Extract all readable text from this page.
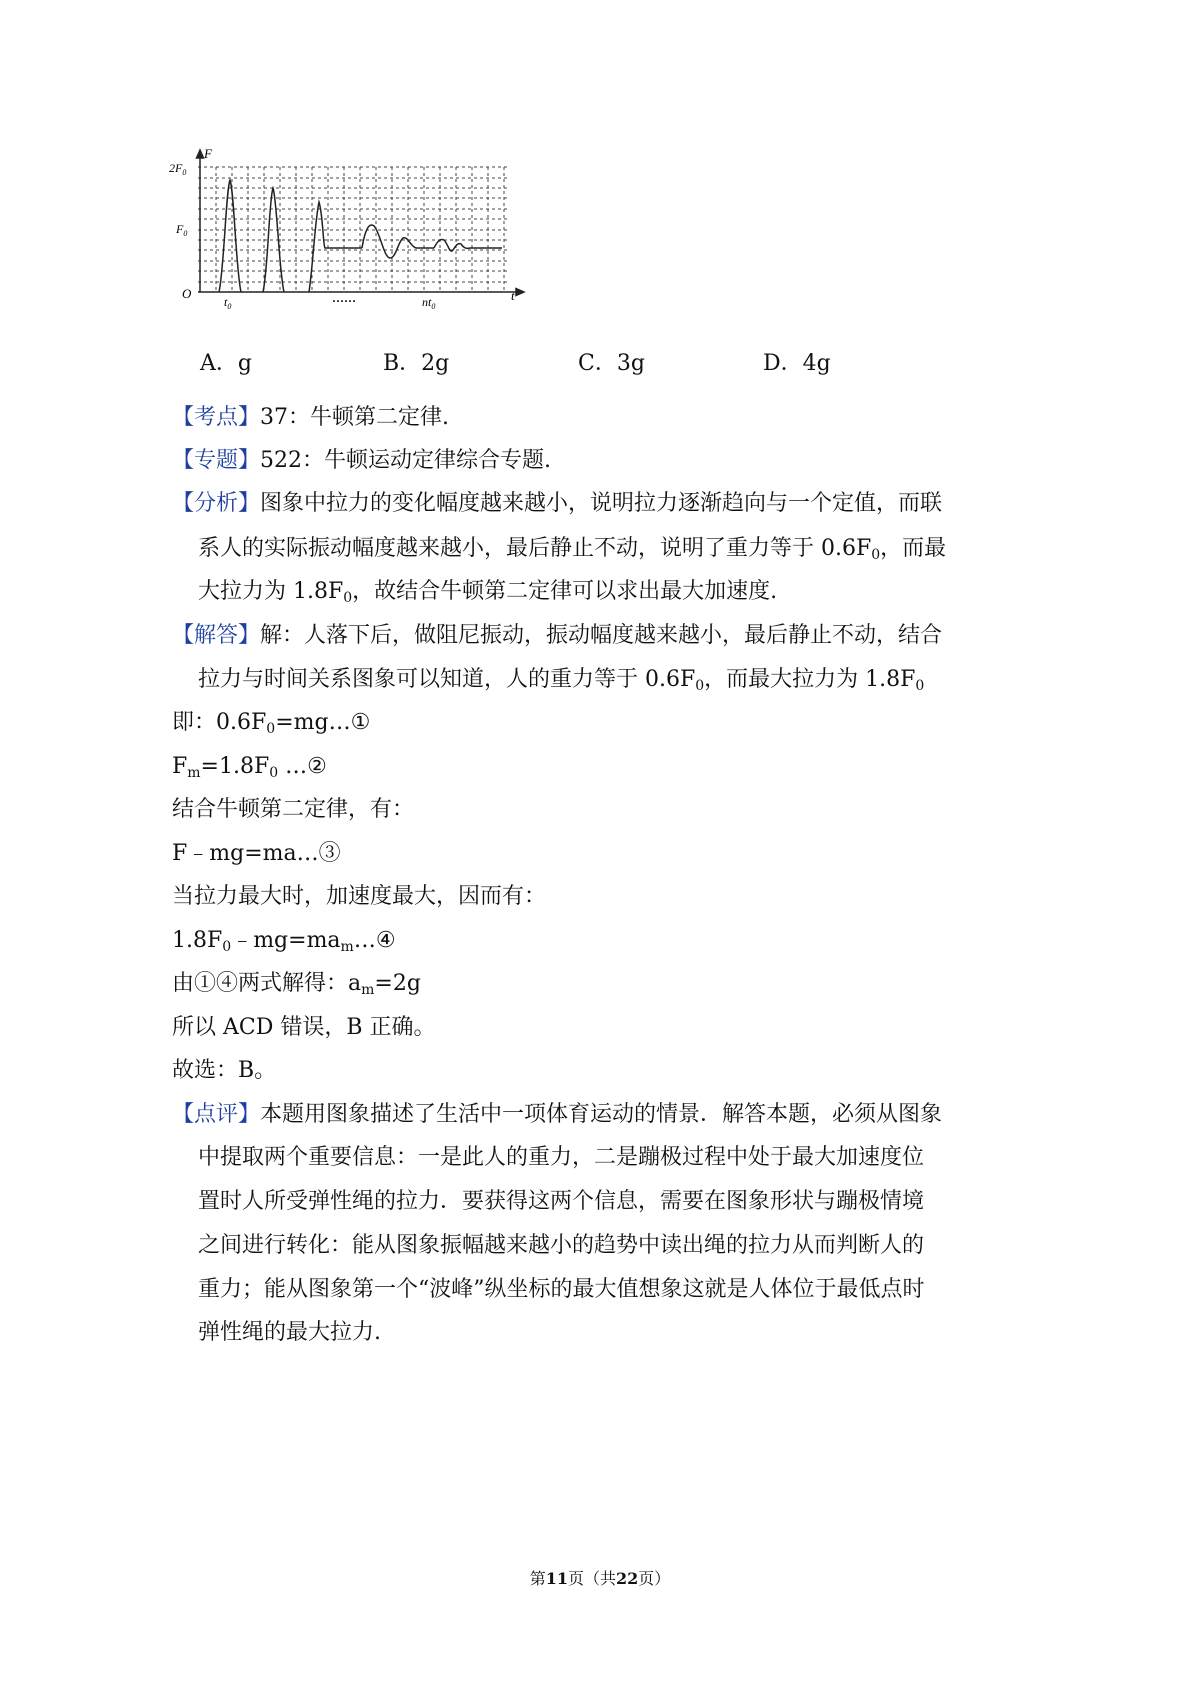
F
t
O
$2F_0$
$F_0$
$t_0$	$nt_0$
……
A．g	B．2g	C．3g	D．4g
【考点】37：牛顿第二定律.
【专题】522：牛顿运动定律综合专题.
【分析】图象中拉力的变化幅度越来越小，说明拉力逐渐趋向与一个定值，而联
系人的实际振动幅度越来越小，最后静止不动，说明了重力等于 $0.6F_0$，而最
大拉力为 $1.8F_0$，故结合牛顿第二定律可以求出最大加速度.
【解答】解：人落下后，做阻尼振动，振动幅度越来越小，最后静止不动，结合
拉力与时间关系图象可以知道，人的重力等于 $0.6F_0$，而最大拉力为 $1.8F_0$
即：$0.6F_0=mg\dots ①$
$F_m=1.8F_0$ …②
结合牛顿第二定律，有：
F﹣mg=ma…③
当拉力最大时，加速度最大，因而有：
$1.8F_0﹣mg=ma_m\dots ④$
由①④两式解得：$a_m=2g$
所以 ACD 错误，B 正确。
故选：B。
【点评】本题用图象描述了生活中一项体育运动的情景．解答本题，必须从图象
中提取两个重要信息：一是此人的重力，二是蹦极过程中处于最大加速度位
置时人所受弹性绳的拉力．要获得这两个信息，需要在图象形状与蹦极情境
之间进行转化：能从图象振幅越来越小的趋势中读出绳的拉力从而判断人的
重力；能从图象第一个“波峰”纵坐标的最大值想象这就是人体位于最低点时
弹性绳的最大拉力.
第11页（共22页）
